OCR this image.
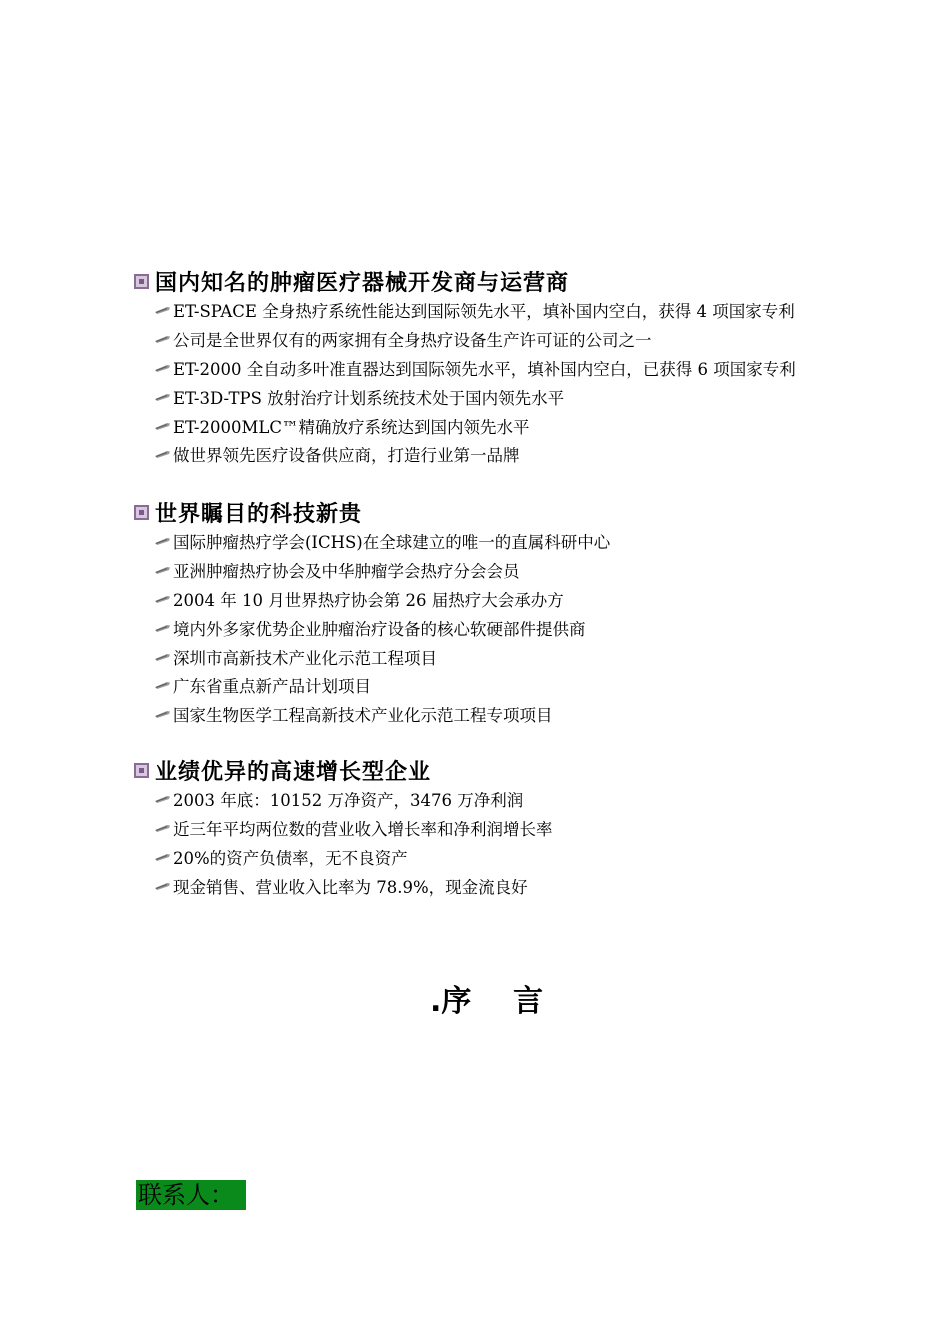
国内知名的肿瘤医疗器械开发商与运营商
ET-SPACE 全身热疗系统性能达到国际领先水平，填补国内空白，获得 4 项国家专利
公司是全世界仅有的两家拥有全身热疗设备生产许可证的公司之一
ET-2000 全自动多叶准直器达到国际领先水平，填补国内空白，已获得 6 项国家专利
ET-3D-TPS 放射治疗计划系统技术处于国内领先水平
ET-2000MLC™精确放疗系统达到国内领先水平
做世界领先医疗设备供应商，打造行业第一品牌
世界瞩目的科技新贵
国际肿瘤热疗学会(ICHS)在全球建立的唯一的直属科研中心
亚洲肿瘤热疗协会及中华肿瘤学会热疗分会会员
2004 年 10 月世界热疗协会第 26 届热疗大会承办方
境内外多家优势企业肿瘤治疗设备的核心软硬部件提供商
深圳市高新技术产业化示范工程项目
广东省重点新产品计划项目
国家生物医学工程高新技术产业化示范工程专项项目
业绩优异的高速增长型企业
2003 年底：10152 万净资产，3476 万净利润
近三年平均两位数的营业收入增长率和净利润增长率
20%的资产负债率，无不良资产
现金销售、营业收入比率为 78.9%，现金流良好
.序    言
联系人：
